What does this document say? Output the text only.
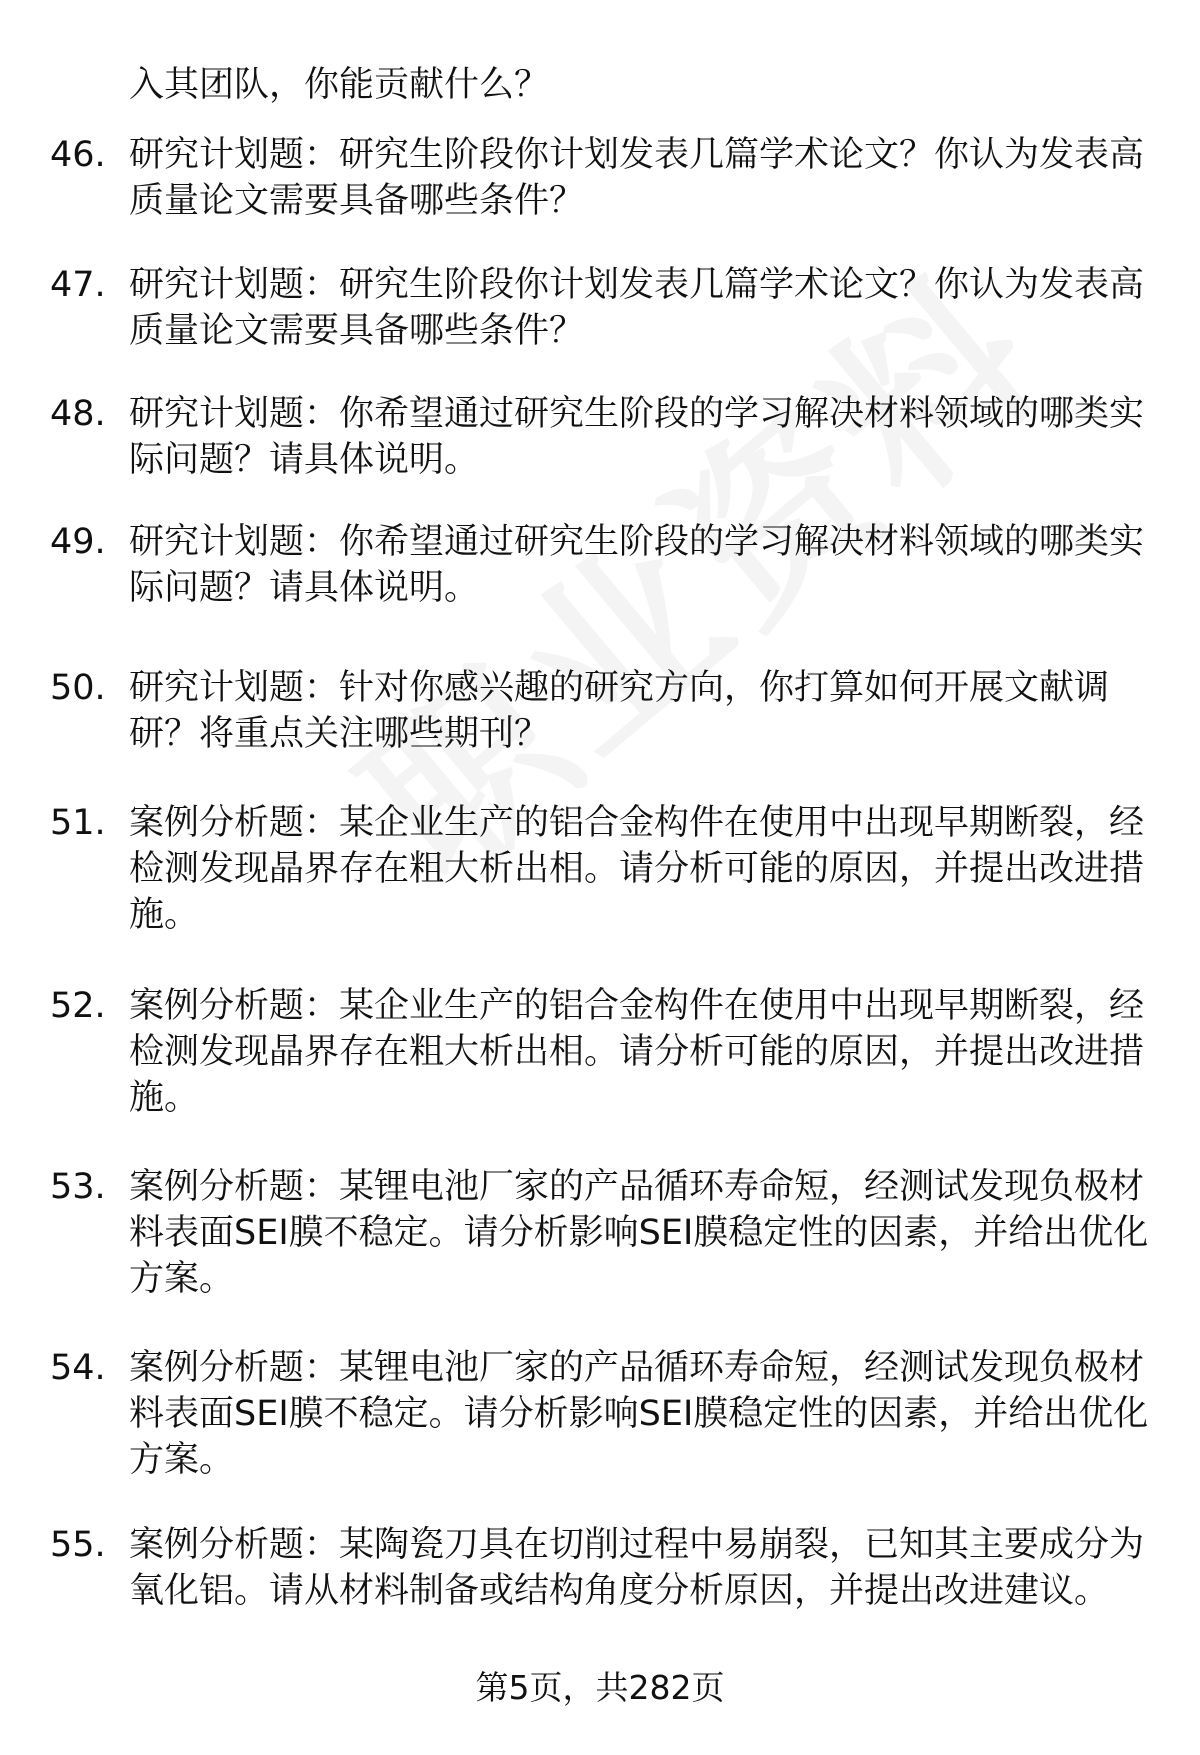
入其团队，你能贡献什么？
46. 研究计划题：研究生阶段你计划发表几篇学术论文？你认为发表高质量论文需要具备哪些条件？
47. 研究计划题：研究生阶段你计划发表几篇学术论文？你认为发表高质量论文需要具备哪些条件？
48. 研究计划题：你希望通过研究生阶段的学习解决材料领域的哪类实际问题？请具体说明。
49. 研究计划题：你希望通过研究生阶段的学习解决材料领域的哪类实际问题？请具体说明。
50. 研究计划题：针对你感兴趣的研究方向，你打算如何开展文献调研？将重点关注哪些期刊？
51. 案例分析题：某企业生产的铝合金构件在使用中出现早期断裂，经检测发现晶界存在粗大析出相。请分析可能的原因，并提出改进措施。
52. 案例分析题：某企业生产的铝合金构件在使用中出现早期断裂，经检测发现晶界存在粗大析出相。请分析可能的原因，并提出改进措施。
53. 案例分析题：某锂电池厂家的产品循环寿命短，经测试发现负极材料表面SEI膜不稳定。请分析影响SEI膜稳定性的因素，并给出优化方案。
54. 案例分析题：某锂电池厂家的产品循环寿命短，经测试发现负极材料表面SEI膜不稳定。请分析影响SEI膜稳定性的因素，并给出优化方案。
55. 案例分析题：某陶瓷刀具在切削过程中易崩裂，已知其主要成分为氧化铝。请从材料制备或结构角度分析原因，并提出改进建议。
第5页，共282页
